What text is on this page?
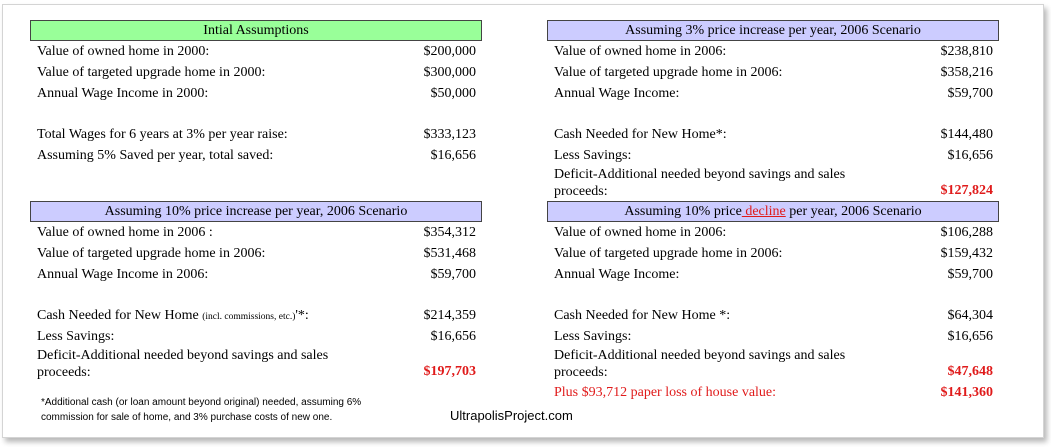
Intial Assumptions
Value of owned home in 2000:	$200,000
Value of targeted upgrade home in 2000:	$300,000
Annual Wage Income in 2000:	$50,000
Total Wages for 6 years at 3% per year raise:	$333,123
Assuming 5% Saved per year, total saved:	$16,656
Assuming 3% price increase per year, 2006 Scenario
Value of owned home in 2006:	$238,810
Value of targeted upgrade home in 2006:	$358,216
Annual Wage Income:	$59,700
Cash Needed for New Home*:	$144,480
Less Savings:	$16,656
Deficit-Additional needed beyond savings and sales
proceeds:	$127,824
Assuming 10% price increase per year, 2006 Scenario
Value of owned home in 2006 :	$354,312
Value of targeted upgrade home in 2006:	$531,468
Annual Wage Income in 2006:	$59,700
Cash Needed for New Home (incl. commissions, etc.)'*:	$214,359
Less Savings:	$16,656
Deficit-Additional needed beyond savings and sales
proceeds:	$197,703
Assuming 10% price decline per year, 2006 Scenario
Value of owned home in 2006:	$106,288
Value of targeted upgrade home in 2006:	$159,432
Annual Wage Income:	$59,700
Cash Needed for New Home *:	$64,304
Less Savings:	$16,656
Deficit-Additional needed beyond savings and sales
proceeds:	$47,648
Plus $93,712 paper loss of house value:	$141,360
*Additional cash (or loan amount beyond original) needed, assuming 6%
commission for sale of home, and 3% purchase costs of new one.	UltrapolisProject.com
